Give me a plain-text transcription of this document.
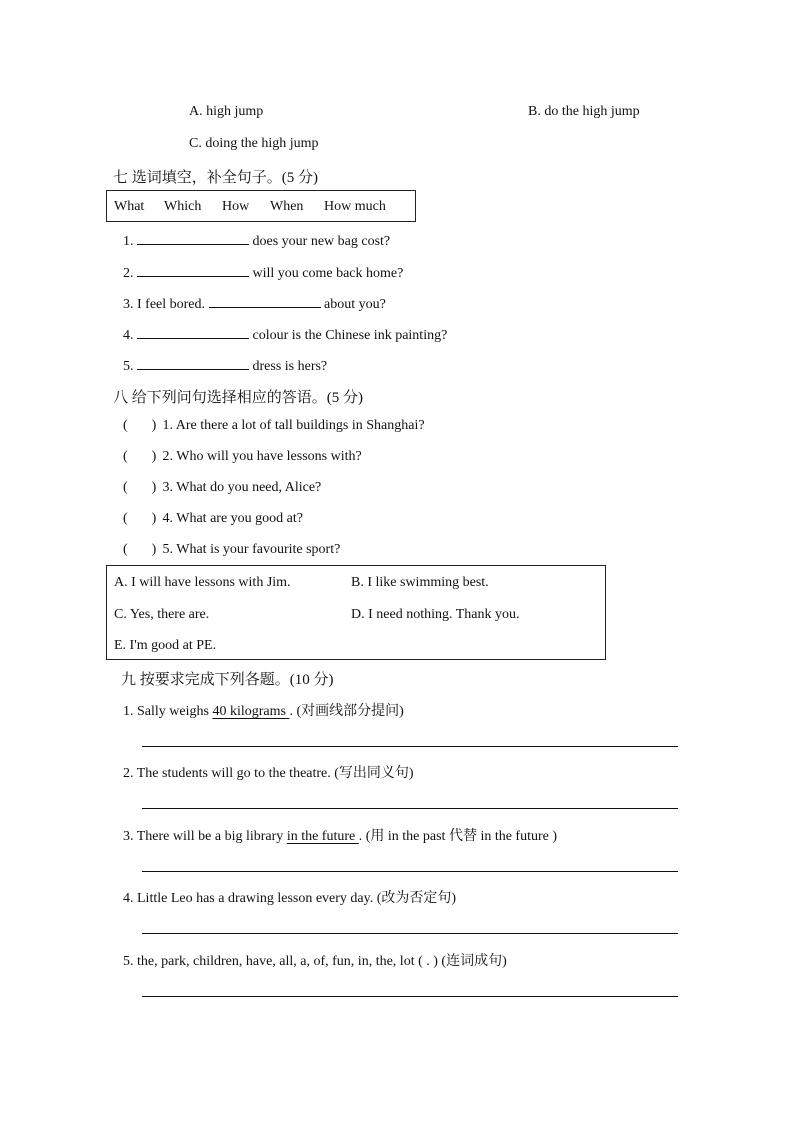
A. high jump	B. do the high jump
C. doing the high jump
七 选词填空，补全句子。(5 分)
What Which How When How much
1.	does your new bag cost?
2.	will you come back home?
3. I feel bored.	about you?
4.	colour is the Chinese ink painting?
5.	dress is hers?
八 给下列问句选择相应的答语。(5 分)
( ) 1. Are there a lot of tall buildings in Shanghai?
( ) 2. Who will you have lessons with?
( ) 3. What do you need, Alice?
( ) 4. What are you good at?
( ) 5. What is your favourite sport?
A. I will have lessons with Jim.	B. I like swimming best.
C. Yes, there are.	D. I need nothing. Thank you.
E. I'm good at PE.
九 按要求完成下列各题。(10 分)
1. Sally weighs 40 kilograms . (对画线部分提问)
2. The students will go to the theatre. (写出同义句)
3. There will be a big library in the future . (用 in the past 代替 in the future )
4. Little Leo has a drawing lesson every day. (改为否定句)
5. the, park, children, have, all, a, of, fun, in, the, lot ( . ) (连词成句)
